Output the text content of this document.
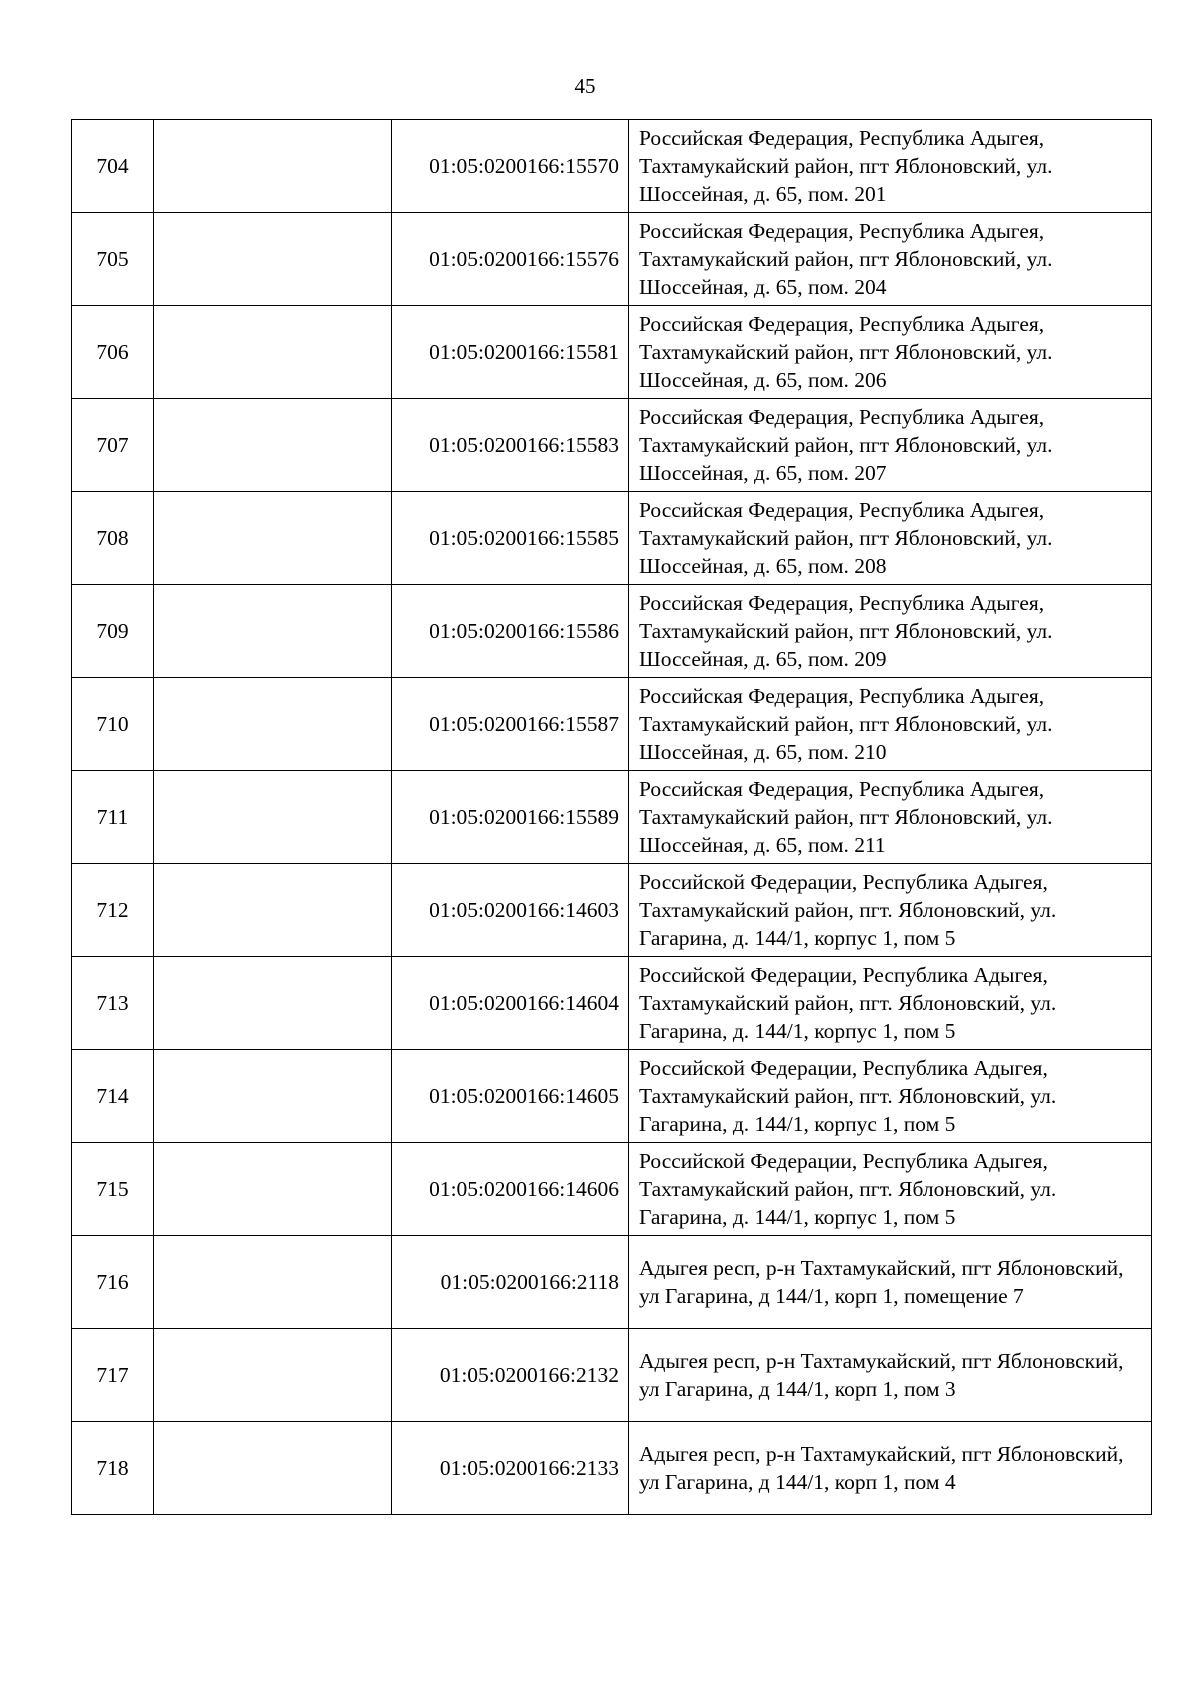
45
704		01:05:0200166:15570	Российская Федерация, Республика Адыгея, Тахтамукайский район, пгт Яблоновский, ул. Шоссейная, д. 65, пом. 201
705		01:05:0200166:15576	Российская Федерация, Республика Адыгея, Тахтамукайский район, пгт Яблоновский, ул. Шоссейная, д. 65, пом. 204
706		01:05:0200166:15581	Российская Федерация, Республика Адыгея, Тахтамукайский район, пгт Яблоновский, ул. Шоссейная, д. 65, пом. 206
707		01:05:0200166:15583	Российская Федерация, Республика Адыгея, Тахтамукайский район, пгт Яблоновский, ул. Шоссейная, д. 65, пом. 207
708		01:05:0200166:15585	Российская Федерация, Республика Адыгея, Тахтамукайский район, пгт Яблоновский, ул. Шоссейная, д. 65, пом. 208
709		01:05:0200166:15586	Российская Федерация, Республика Адыгея, Тахтамукайский район, пгт Яблоновский, ул. Шоссейная, д. 65, пом. 209
710		01:05:0200166:15587	Российская Федерация, Республика Адыгея, Тахтамукайский район, пгт Яблоновский, ул. Шоссейная, д. 65, пом. 210
711		01:05:0200166:15589	Российская Федерация, Республика Адыгея, Тахтамукайский район, пгт Яблоновский, ул. Шоссейная, д. 65, пом. 211
712		01:05:0200166:14603	Российской Федерации, Республика Адыгея, Тахтамукайский район, пгт. Яблоновский, ул. Гагарина, д. 144/1, корпус 1, пом 5
713		01:05:0200166:14604	Российской Федерации, Республика Адыгея, Тахтамукайский район, пгт. Яблоновский, ул. Гагарина, д. 144/1, корпус 1, пом 5
714		01:05:0200166:14605	Российской Федерации, Республика Адыгея, Тахтамукайский район, пгт. Яблоновский, ул. Гагарина, д. 144/1, корпус 1, пом 5
715		01:05:0200166:14606	Российской Федерации, Республика Адыгея, Тахтамукайский район, пгт. Яблоновский, ул. Гагарина, д. 144/1, корпус 1, пом 5
716		01:05:0200166:2118	Адыгея респ, р-н Тахтамукайский, пгт Яблоновский, ул Гагарина, д 144/1, корп 1, помещение 7
717		01:05:0200166:2132	Адыгея респ, р-н Тахтамукайский, пгт Яблоновский, ул Гагарина, д 144/1, корп 1, пом 3
718		01:05:0200166:2133	Адыгея респ, р-н Тахтамукайский, пгт Яблоновский, ул Гагарина, д 144/1, корп 1, пом 4
